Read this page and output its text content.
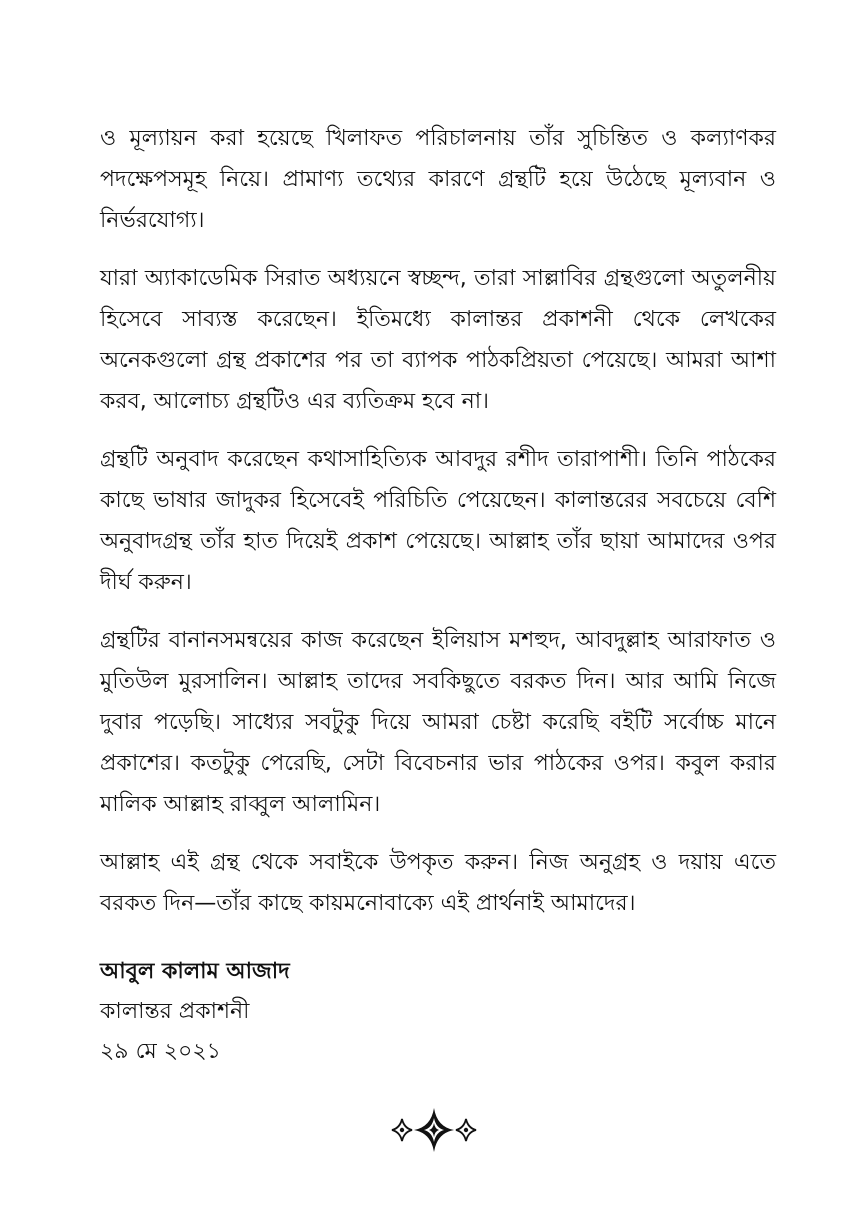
ও মূল্যায়ন করা হয়েছে খিলাফত পরিচালনায় তাঁর সুচিন্তিত ও কল্যাণকর পদক্ষেপসমূহ নিয়ে। প্রামাণ্য তথ্যের কারণে গ্রন্থটি হয়ে উঠেছে মূল্যবান ও নির্ভরযোগ্য।

যারা অ্যাকাডেমিক সিরাত অধ্যয়নে স্বচ্ছন্দ, তারা সাল্লাবির গ্রন্থগুলো অতুলনীয় হিসেবে সাব্যস্ত করেছেন। ইতিমধ্যে কালান্তর প্রকাশনী থেকে লেখকের অনেকগুলো গ্রন্থ প্রকাশের পর তা ব্যাপক পাঠকপ্রিয়তা পেয়েছে। আমরা আশা করব, আলোচ্য গ্রন্থটিও এর ব্যতিক্রম হবে না।

গ্রন্থটি অনুবাদ করেছেন কথাসাহিত্যিক আবদুর রশীদ তারাপাশী। তিনি পাঠকের কাছে ভাষার জাদুকর হিসেবেই পরিচিতি পেয়েছেন। কালান্তরের সবচেয়ে বেশি অনুবাদগ্রন্থ তাঁর হাত দিয়েই প্রকাশ পেয়েছে। আল্লাহ তাঁর ছায়া আমাদের ওপর দীর্ঘ করুন।

গ্রন্থটির বানানসমন্বয়ের কাজ করেছেন ইলিয়াস মশহুদ, আবদুল্লাহ আরাফাত ও মুতিউল মুরসালিন। আল্লাহ তাদের সবকিছুতে বরকত দিন। আর আমি নিজে দুবার পড়েছি। সাধ্যের সবটুকু দিয়ে আমরা চেষ্টা করেছি বইটি সর্বোচ্চ মানে প্রকাশের। কতটুকু পেরেছি, সেটা বিবেচনার ভার পাঠকের ওপর। কবুল করার মালিক আল্লাহ রাব্বুল আলামিন।

আল্লাহ এই গ্রন্থ থেকে সবাইকে উপকৃত করুন। নিজ অনুগ্রহ ও দয়ায় এতে বরকত দিন—তাঁর কাছে কায়মনোবাক্যে এই প্রার্থনাই আমাদের।

আবুল কালাম আজাদ
কালান্তর প্রকাশনী
২৯ মে ২০২১
